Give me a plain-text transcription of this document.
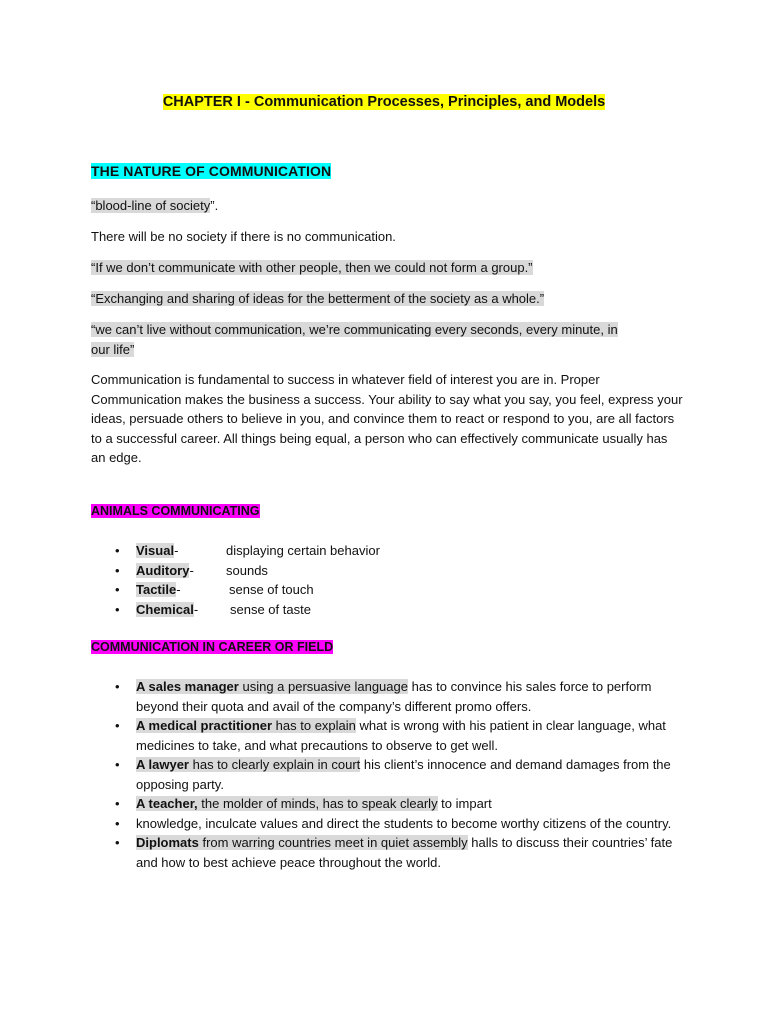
CHAPTER I - Communication Processes, Principles, and Models
THE NATURE OF COMMUNICATION
“blood-line of society”.
There will be no society if there is no communication.
“If we don’t communicate with other people, then we could not form a group.”
“Exchanging and sharing of ideas for the betterment of the society as a whole.”
“we can’t live without communication, we’re communicating every seconds, every minute, in
our life”
Communication is fundamental to success in whatever field of interest you are in. Proper Communication makes the business a success. Your ability to say what you say, you feel, express your ideas, persuade others to believe in you, and convince them to react or respond to you, are all factors to a successful career. All things being equal, a person who can effectively communicate usually has an edge.
ANIMALS COMMUNICATING
• Visual-	displaying certain behavior
• Auditory- sounds
• Tactile-	sense of touch
• Chemical- sense of taste
COMMUNICATION IN CAREER OR FIELD
• A sales manager using a persuasive language has to convince his sales force to perform beyond their quota and avail of the company’s different promo offers.
• A medical practitioner has to explain what is wrong with his patient in clear language, what medicines to take, and what precautions to observe to get well.
• A lawyer has to clearly explain in court his client’s innocence and demand damages from the opposing party.
• A teacher, the molder of minds, has to speak clearly to impart
• knowledge, inculcate values and direct the students to become worthy citizens of the country.
• Diplomats from warring countries meet in quiet assembly halls to discuss their countries’ fate and how to best achieve peace throughout the world.
